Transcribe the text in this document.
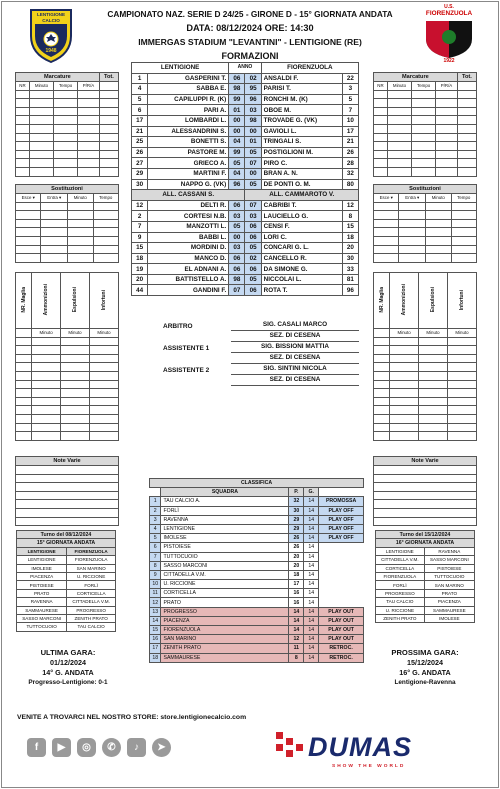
CAMPIONATO NAZ. SERIE D 24/25 - GIRONE D - 15° GIORNATA ANDATA
DATA: 08/12/2024 ORE: 14:30
IMMERGAS STADIUM "LEVANTINI" - LENTIGIONE (RE)
FORMAZIONI
LENTIGIONE
CALCIO
1948
U.S.
FIORENZUOLA
1922
LENTIGIONE		ANNO		FIORENZUOLA	
1	GASPERINI T.	06	02	ANSALDI F.	22
4	SABBA E.	98	95	PARISI T.	3
5	CAPILUPPI R. (K)	99	96	RONCHI M. (K)	5
6	PARI A.	01	03	OBOE M.	7
17	LOMBARDI L.	00	98	TROVADE G. (VK)	10
21	ALESSANDRINI S.	00	00	GAVIOLI L.	17
25	BONETTI S.	04	01	TRINGALI S.	21
26	PASTORE M.	99	05	POSTIGLIONI M.	26
27	GRIECO A.	05	07	PIRO C.	28
29	MARTINI F.	04	00	BRAN A. N.	32
30	NAPPO G. (VK)	96	05	DE PONTI O. M.	80
ALL. CASSANI S.			ALL. CAMMAROTO V.		
12	DELTI R.	06	07	CABRIBI T.	12
2	CORTESI N.B.	03	03	LAUCIELLO G.	8
7	MANZOTTI L.	05	06	CENSI F.	15
9	BABBI L.	00	06	LORI C.	18
15	MORDINI D.	03	05	CONCARI G. L.	20
18	MANCO D.	06	02	CANCELLO R.	30
19	EL ADNANI A.	06	06	DA SIMONE G.	33
20	BATTISTELLO A.	98	05	NICCOLAI L.	81
44	GANDINI F.	07	06	ROTA T.	96
Marcature				Tot.
NR	Minuto	Tempo	P/R/A	

Marcature				Tot.
NR	Minuto	Tempo	P/R/A	

Sostituzioni			
Esce ▾	Entra ▾	Minuto	Tempo

Sostituzioni			
Esce ▾	Entra ▾	Minuto	Tempo

NR. Maglia	Ammonizioni	Espulsioni	Infortuni
	Minuto	Minuto	Minuto

NR. Maglia	Ammonizioni	Espulsioni	Infortuni
	Minuto	Minuto	Minuto

Note Varie	Note Varie

ARBITRO	SIG. CASALI MARCO
SEZ. DI CESENA
ASSISTENTE 1	SIG. BISSIONI MATTIA
SEZ. DI CESENA
ASSISTENTE 2	SIG. SINTINI NICOLA
SEZ. DI CESENA
CLASSIFICA				
	SQUADRA	P.	G.	
1	TAU CALCIO A.	32	14	PROMOSSA
2	FORLÌ	30	14	PLAY OFF
3	RAVENNA	29	14	PLAY OFF
4	LENTIGIONE	29	14	PLAY OFF
5	IMOLESE	26	14	PLAY OFF
6	PISTOIESE	26	14	
7	TUTTOCUOIO	20	14	
8	SASSO MARCONI	20	14	
9	CITTADELLA V.M.	18	14	
10	U. RICCIONE	17	14	
11	CORTICELLA	16	14	
12	PRATO	16	14	
13	PROGRESSO	14	14	PLAY OUT
14	PIACENZA	14	14	PLAY OUT
15	FIORENZUOLA	14	14	PLAY OUT
16	SAN MARINO	12	14	PLAY OUT
17	ZENITH PRATO	11	14	RETROC.
18	SAMMAURESE	8	14	RETROC.
Turno del 08/12/2024	
15° GIORNATA ANDATA	
LENTIGIONE	FIORENZUOLA
LENTIGIONE	FIORENZUOLA
IMOLESE	SAN MARINO
PIACENZA	U. RICCIONE
PISTOIESE	FORLÌ
PRATO	CORTICELLA
RAVENNA	CITTADELLA V.M.
SAMMAURESE	PROGRESSO
SASSO MARCONI	ZENITH PRATO
TUTTOCUOIO	TAU CALCIO
Turno del 15/12/2024	
16° GIORNATA ANDATA	
LENTIGIONE	RAVENNA
CITTADELLA V.M.	SASSO MARCONI
CORTICELLA	PISTOIESE
FIORENZUOLA	TUTTOCUOIO
FORLÌ	SAN MARINO
PROGRESSO	PRATO
TAU CALCIO	PIACENZA
U. RICCIONE	SAMMAURESE
ZENITH PRATO	IMOLESE
ULTIMA GARA:
01/12/2024
14° G. ANDATA
Progresso-Lentigione: 0-1
PROSSIMA GARA:
15/12/2024
16° G. ANDATA
Lentigione-Ravenna
VENITE A TROVARCI NEL NOSTRO STORE: store.lentigionecalcio.com
f	▶	◎	✆	♪	➤	DUMAS
SHOW THE WORLD
